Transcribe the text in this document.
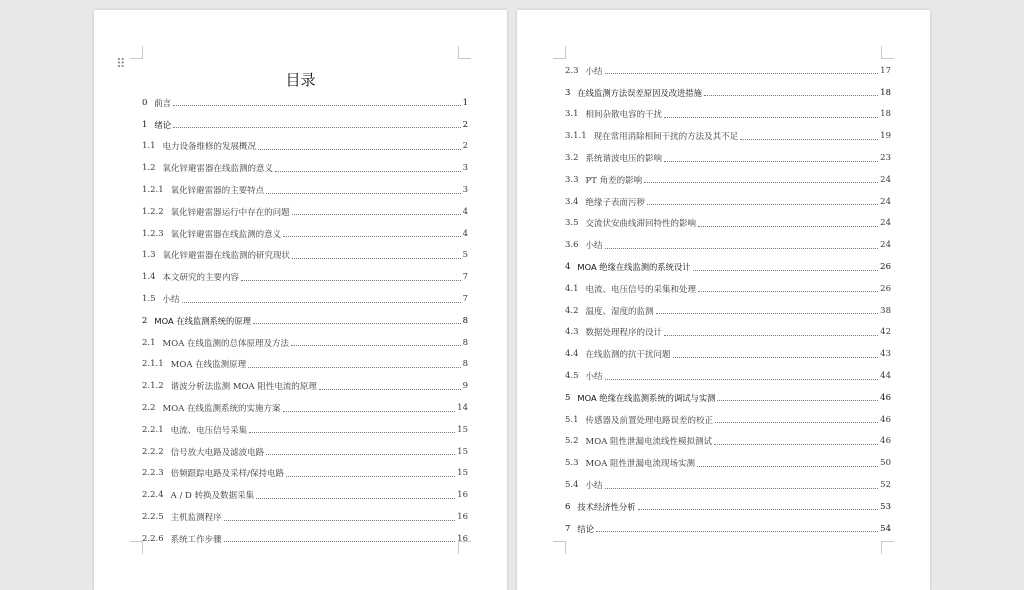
⠿
目录
0 前言	1
1 绪论	2
1.1 电力设备维修的发展概况	2
1.2 氧化锌避雷器在线监测的意义	3
1.2.1 氧化锌避雷器的主要特点	3
1.2.2 氧化锌避雷器运行中存在的问题	4
1.2.3 氧化锌避雷器在线监测的意义	4
1.3 氧化锌避雷器在线监测的研究现状	5
1.4 本文研究的主要内容	7
1.5 小结	7
2 MOA 在线监测系统的原理	8
2.1 MOA 在线监测的总体原理及方法	8
2.1.1 MOA 在线监测原理	8
2.1.2 谐波分析法监测 MOA 阻性电流的原理	9
2.2 MOA 在线监测系统的实施方案	14
2.2.1 电流、电压信号采集	15
2.2.2 信号放大电路及滤波电路	15
2.2.3 倍频跟踪电路及采样/保持电路	15
2.2.4 A / D 转换及数据采集	16
2.2.5 主机监测程序	16
2.2.6 系统工作步骤	16
2.3 小结	17
3 在线监测方法误差原因及改进措施	18
3.1 相间杂散电容的干扰	18
3.1.1 现在常用消除相间干扰的方法及其不足	19
3.2 系统谐波电压的影响	23
3.3 PT 角差的影响	24
3.4 绝缘子表面污秽	24
3.5 交流伏安曲线滞回特性的影响	24
3.6 小结	24
4 MOA 绝缘在线监测的系统设计	26
4.1 电流、电压信号的采集和处理	26
4.2 温度、湿度的监测	38
4.3 数据处理程序的设计	42
4.4 在线监测的抗干扰问题	43
4.5 小结	44
5 MOA 绝缘在线监测系统的调试与实测	46
5.1 传感器及前置处理电路误差的校正	46
5.2 MOA 阻性泄漏电流线性模拟测试	46
5.3 MOA 阻性泄漏电流现场实测	50
5.4 小结	52
6 技术经济性分析	53
7 结论	54
